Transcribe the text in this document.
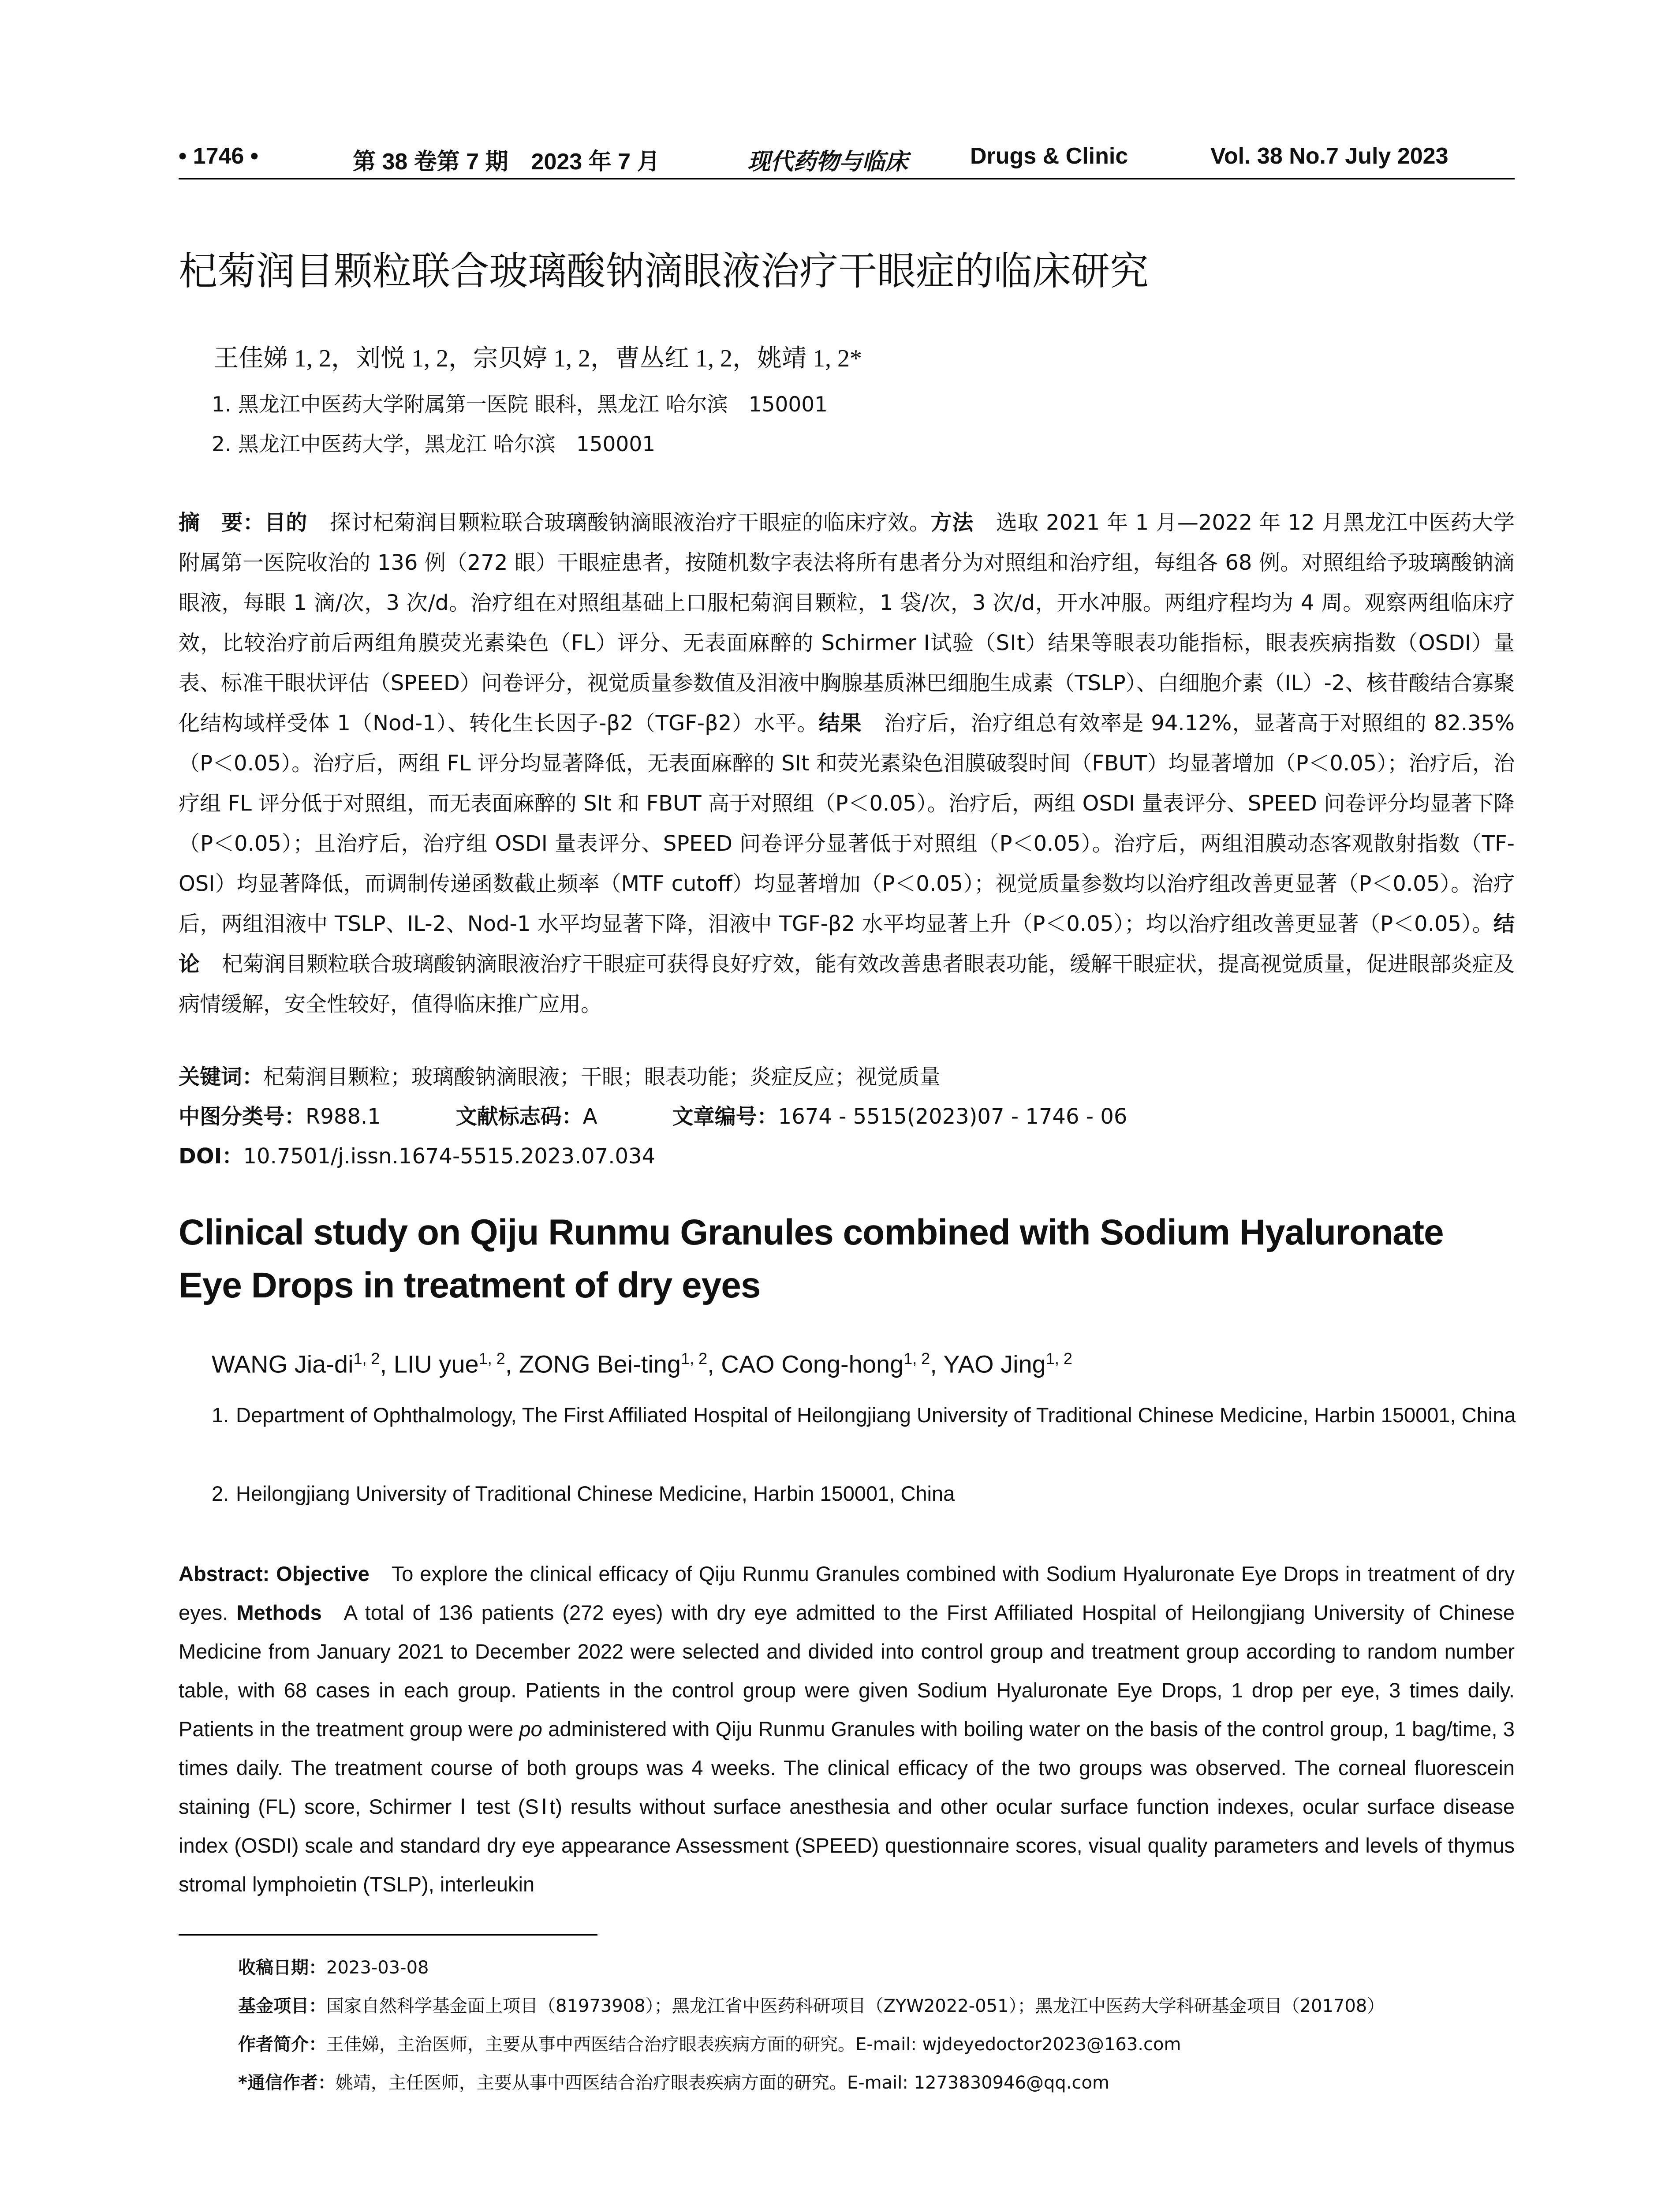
• 1746 •	第 38 卷第 7 期　2023 年 7 月	现代药物与临床	Drugs & Clinic	Vol. 38 No.7 July 2023
杞菊润目颗粒联合玻璃酸钠滴眼液治疗干眼症的临床研究
王佳娣 1, 2，刘悦 1, 2，宗贝婷 1, 2，曹丛红 1, 2，姚靖 1, 2*
1. 黑龙江中医药大学附属第一医院 眼科，黑龙江 哈尔滨　150001
2. 黑龙江中医药大学，黑龙江 哈尔滨　150001

摘　要：目的 探讨杞菊润目颗粒联合玻璃酸钠滴眼液治疗干眼症的临床疗效。方法 选取 2021 年 1 月—2022 年 12 月黑龙江中医药大学附属第一医院收治的 136 例（272 眼）干眼症患者，按随机数字表法将所有患者分为对照组和治疗组，每组各 68 例。对照组给予玻璃酸钠滴眼液，每眼 1 滴/次，3 次/d。治疗组在对照组基础上口服杞菊润目颗粒，1 袋/次，3 次/d，开水冲服。两组疗程均为 4 周。观察两组临床疗效，比较治疗前后两组角膜荧光素染色（FL）评分、无表面麻醉的 Schirmer Ⅰ试验（SⅠt）结果等眼表功能指标，眼表疾病指数（OSDI）量表、标准干眼状评估（SPEED）问卷评分，视觉质量参数值及泪液中胸腺基质淋巴细胞生成素（TSLP）、白细胞介素（IL）-2、核苷酸结合寡聚化结构域样受体 1（Nod-1）、转化生长因子-β2（TGF-β2）水平。结果 治疗后，治疗组总有效率是 94.12%，显著高于对照组的 82.35%（P＜0.05）。治疗后，两组 FL 评分均显著降低，无表面麻醉的 SⅠt 和荧光素染色泪膜破裂时间（FBUT）均显著增加（P＜0.05）；治疗后，治疗组 FL 评分低于对照组，而无表面麻醉的 SⅠt 和 FBUT 高于对照组（P＜0.05）。治疗后，两组 OSDI 量表评分、SPEED 问卷评分均显著下降（P＜0.05）；且治疗后，治疗组 OSDI 量表评分、SPEED 问卷评分显著低于对照组（P＜0.05）。治疗后，两组泪膜动态客观散射指数（TF-OSI）均显著降低，而调制传递函数截止频率（MTF cutoff）均显著增加（P＜0.05）；视觉质量参数均以治疗组改善更显著（P＜0.05）。治疗后，两组泪液中 TSLP、IL-2、Nod-1 水平均显著下降，泪液中 TGF-β2 水平均显著上升（P＜0.05）；均以治疗组改善更显著（P＜0.05）。结论 杞菊润目颗粒联合玻璃酸钠滴眼液治疗干眼症可获得良好疗效，能有效改善患者眼表功能，缓解干眼症状，提高视觉质量，促进眼部炎症及病情缓解，安全性较好，值得临床推广应用。

关键词：杞菊润目颗粒；玻璃酸钠滴眼液；干眼；眼表功能；炎症反应；视觉质量
中图分类号：R988.1	文献标志码：A	文章编号：1674 - 5515(2023)07 - 1746 - 06
DOI：10.7501/j.issn.1674-5515.2023.07.034

Clinical study on Qiju Runmu Granules combined with Sodium Hyaluronate Eye Drops in treatment of dry eyes

WANG Jia-di$^{1, 2}$, LIU yue$^{1, 2}$, ZONG Bei-ting$^{1, 2}$, CAO Cong-hong$^{1, 2}$, YAO Jing$^{1, 2}$

1. Department of Ophthalmology, The First Affiliated Hospital of Heilongjiang University of Traditional Chinese Medicine, Harbin 150001, China

2. Heilongjiang University of Traditional Chinese Medicine, Harbin 150001, China

Abstract: Objective To explore the clinical efficacy of Qiju Runmu Granules combined with Sodium Hyaluronate Eye Drops in treatment of dry eyes. Methods A total of 136 patients (272 eyes) with dry eye admitted to the First Affiliated Hospital of Heilongjiang University of Chinese Medicine from January 2021 to December 2022 were selected and divided into control group and treatment group according to random number table, with 68 cases in each group. Patients in the control group were given Sodium Hyaluronate Eye Drops, 1 drop per eye, 3 times daily. Patients in the treatment group were po administered with Qiju Runmu Granules with boiling water on the basis of the control group, 1 bag/time, 3 times daily. The treatment course of both groups was 4 weeks. The clinical efficacy of the two groups was observed. The corneal fluorescein staining (FL) score, Schirmer Ⅰ test (SⅠt) results without surface anesthesia and other ocular surface function indexes, ocular surface disease index (OSDI) scale and standard dry eye appearance Assessment (SPEED) questionnaire scores, visual quality parameters and levels of thymus stromal lymphoietin (TSLP), interleukin

收稿日期：2023-03-08
基金项目：国家自然科学基金面上项目（81973908）；黑龙江省中医药科研项目（ZYW2022-051）；黑龙江中医药大学科研基金项目（201708）
作者简介：王佳娣，主治医师，主要从事中西医结合治疗眼表疾病方面的研究。E-mail: wjdeyedoctor2023@163.com
*通信作者：姚靖，主任医师，主要从事中西医结合治疗眼表疾病方面的研究。E-mail: 1273830946@qq.com
